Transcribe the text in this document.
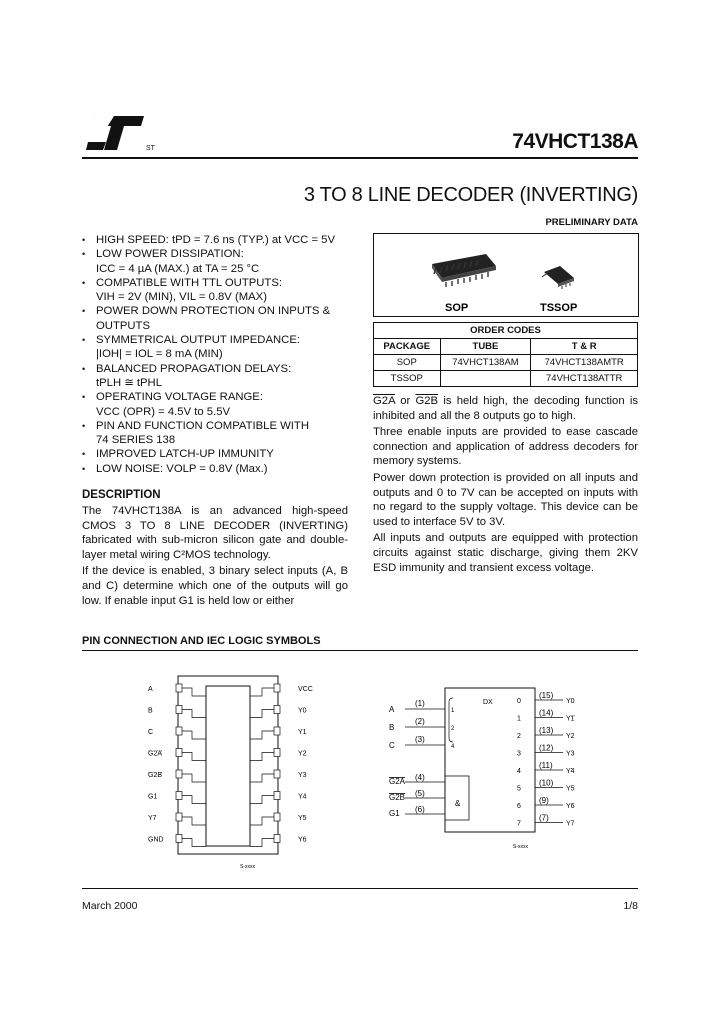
ST	74VHCT138A
3 TO 8 LINE DECODER (INVERTING)
PRELIMINARY DATA
• HIGH SPEED: tPD = 7.6 ns (TYP.) at VCC = 5V
• LOW POWER DISSIPATION:
ICC = 4 µA (MAX.) at TA = 25 °C
• COMPATIBLE WITH TTL OUTPUTS:
VIH = 2V (MIN), VIL = 0.8V (MAX)
• POWER DOWN PROTECTION ON INPUTS &
OUTPUTS
• SYMMETRICAL OUTPUT IMPEDANCE:
|IOH| = IOL = 8 mA (MIN)
• BALANCED PROPAGATION DELAYS:
tPLH ≅ tPHL
• OPERATING VOLTAGE RANGE:
VCC (OPR) = 4.5V to 5.5V
• PIN AND FUNCTION COMPATIBLE WITH
74 SERIES 138
• IMPROVED LATCH-UP IMMUNITY
• LOW NOISE: VOLP = 0.8V (Max.)
SOP	TSSOP
ORDER CODES		
PACKAGE	TUBE	T & R
SOP	74VHCT138AM	74VHCT138AMTR
TSSOP		74VHCT138ATTR
DESCRIPTION

The 74VHCT138A is an advanced high-speed CMOS 3 TO 8 LINE DECODER (INVERTING) fabricated with sub-micron silicon gate and double-layer metal wiring C²MOS technology.

If the device is enabled, 3 binary select inputs (A, B and C) determine which one of the outputs will go low. If enable input G1 is held low or either

G2A or G2B is held high, the decoding function is inhibited and all the 8 outputs go to high.

Three enable inputs are provided to ease cascade connection and application of address decoders for memory systems.

Power down protection is provided on all inputs and outputs and 0 to 7V can be accepted on inputs with no regard to the supply voltage. This device can be used to interface 5V to 3V.

All inputs and outputs are equipped with protection circuits against static discharge, giving them 2KV ESD immunity and transient excess voltage.

PIN CONNECTION AND IEC LOGIC SYMBOLS
A	VCC
B	Y0
C	Y1
G2A	Y2
G2B	Y3
G1	Y4
Y7	Y5
GND	Y6
S-xxxx
DX
&
A
(1)
1
B
(2)
2
C
(3)
4
G2A (4)
G2B (5)
G1 (6)
0
(15)
Y0
1
(14)
Y1
2
(13)
Y2
3
(12)
Y3
4
(11)
Y4
5
(10)
Y5
6
(9)
Y6
7
(7)
Y7
S-xxxx
March 2000	1/8
